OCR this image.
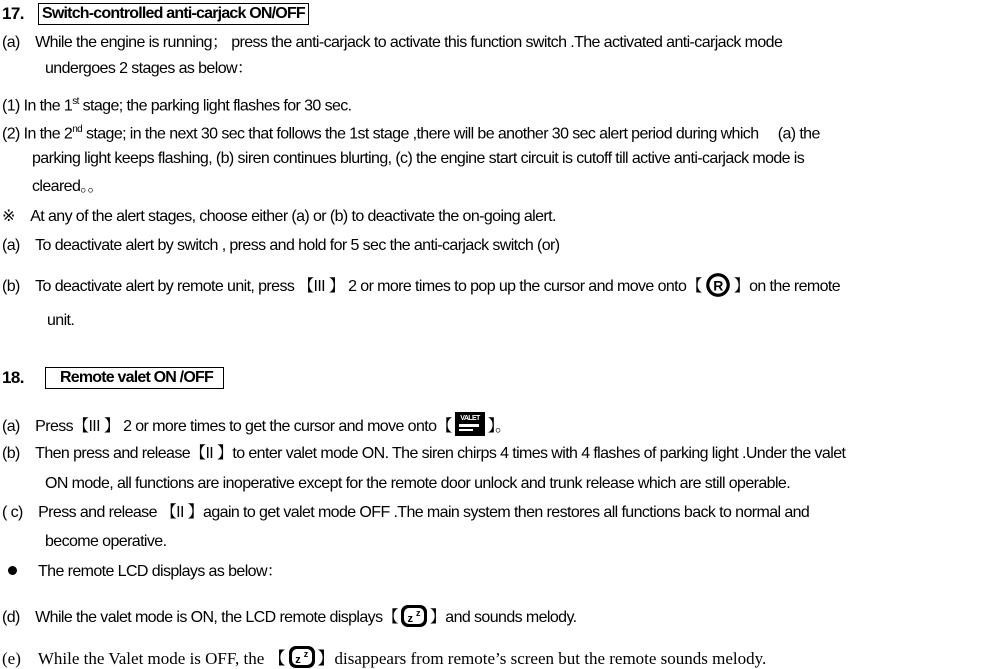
17. Switch-controlled anti-carjack ON/OFF
(a)　While the engine is running； press the anti-carjack to activate this function switch .The activated anti-carjack mode
undergoes 2 stages as below：
(1) In the 1st stage; the parking light flashes for 30 sec.
(2) In the 2nd stage; in the next 30 sec that follows the 1st stage ,there will be another 30 sec alert period during which 　(a) the
parking light keeps flashing, (b) siren continues blurting, (c) the engine start circuit is cutoff till active anti-carjack mode is
cleared。。
※　At any of the alert stages, choose either (a) or (b) to deactivate the on-going alert.
(a)　To deactivate alert by switch , press and hold for 5 sec the anti-carjack switch (or)
(b)　To deactivate alert by remote unit, press 【III 】 2 or more times to pop up the cursor and move onto【 R 】on the remote
unit.
18.	Remote valet ON /OFF
(a)　Press【III 】 2 or more times to get the cursor and move onto【 VALET 】。
(b)　Then press and release【II 】to enter valet mode ON. The siren chirps 4 times with 4 flashes of parking light .Under the valet
ON mode, all functions are inoperative except for the remote door unlock and trunk release which are still operable.
( c)　Press and release 【II 】again to get valet mode OFF .The main system then restores all functions back to normal and
become operative.
The remote LCD displays as below：
(d)　While the valet mode is ON, the LCD remote displays【 z z 】and sounds melody.
(e)　While the Valet mode is OFF, the 【 z z 】disappears from remote’s screen but the remote sounds melody.
